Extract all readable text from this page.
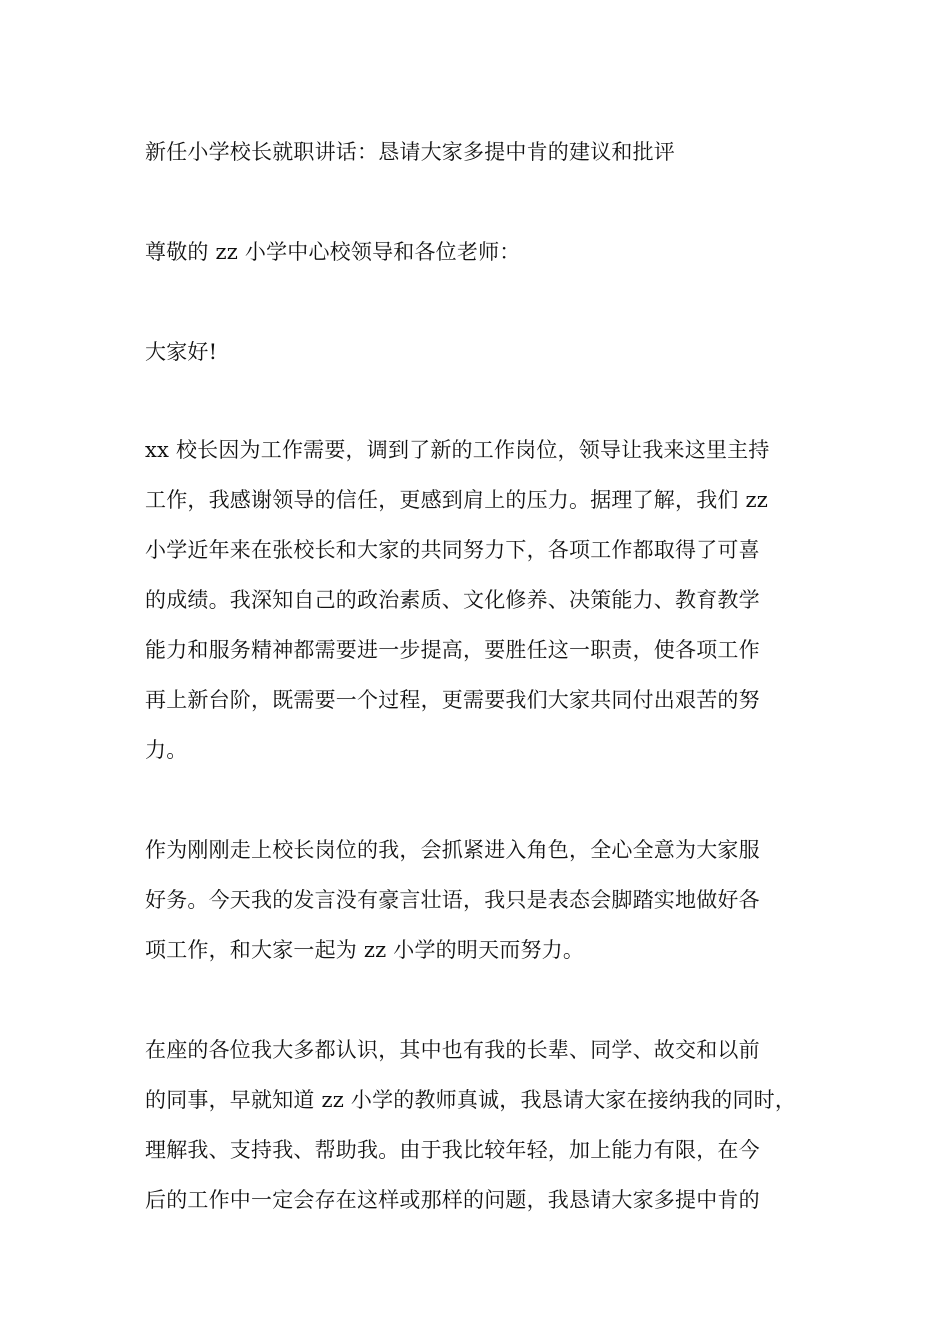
新任小学校长就职讲话：恳请大家多提中肯的建议和批评
尊敬的 zz 小学中心校领导和各位老师：
大家好!
xx 校长因为工作需要，调到了新的工作岗位，领导让我来这里主持
工作，我感谢领导的信任，更感到肩上的压力。据理了解，我们 zz
小学近年来在张校长和大家的共同努力下，各项工作都取得了可喜
的成绩。我深知自己的政治素质、文化修养、决策能力、教育教学
能力和服务精神都需要进一步提高，要胜任这一职责，使各项工作
再上新台阶，既需要一个过程，更需要我们大家共同付出艰苦的努
力。
作为刚刚走上校长岗位的我，会抓紧进入角色，全心全意为大家服
好务。今天我的发言没有豪言壮语，我只是表态会脚踏实地做好各
项工作，和大家一起为 zz 小学的明天而努力。
在座的各位我大多都认识，其中也有我的长辈、同学、故交和以前
的同事，早就知道 zz 小学的教师真诚，我恳请大家在接纳我的同时，
理解我、支持我、帮助我。由于我比较年轻，加上能力有限，在今
后的工作中一定会存在这样或那样的问题，我恳请大家多提中肯的
